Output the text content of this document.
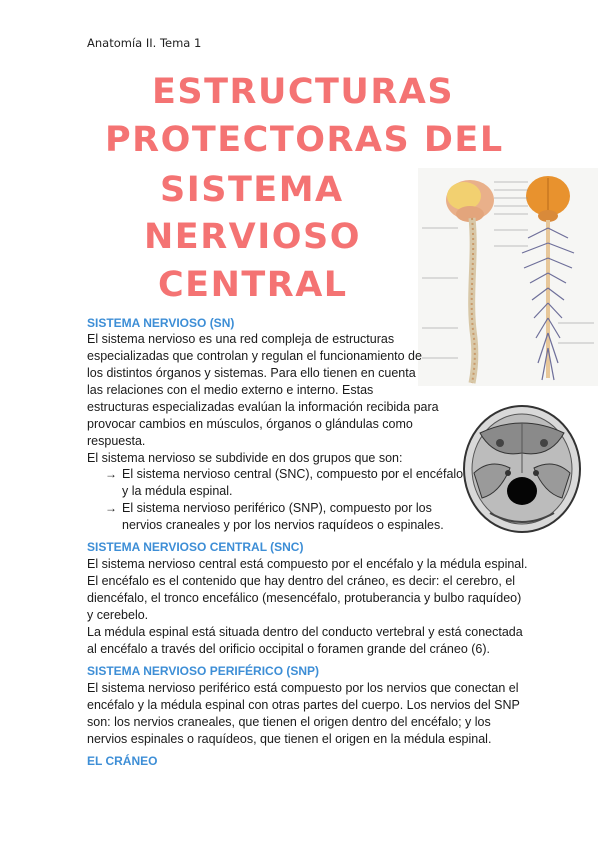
Anatomía II. Tema 1
ESTRUCTURAS
PROTECTORAS DEL
SISTEMA
NERVIOSO
CENTRAL
SISTEMA NERVIOSO (SN)
El sistema nervioso es una red compleja de estructuras
especializadas que controlan y regulan el funcionamiento de
los distintos órganos y sistemas. Para ello tienen en cuenta
las relaciones con el medio externo e interno. Estas
estructuras especializadas evalúan la información recibida para
provocar cambios en músculos, órganos o glándulas como
respuesta.
El sistema nervioso se subdivide en dos grupos que son:
→ El sistema nervioso central (SNC), compuesto por el encéfalo
y la médula espinal.
→ El sistema nervioso periférico (SNP), compuesto por los
nervios craneales y por los nervios raquídeos o espinales.
SISTEMA NERVIOSO CENTRAL (SNC)
El sistema nervioso central está compuesto por el encéfalo y la médula espinal.
El encéfalo es el contenido que hay dentro del cráneo, es decir: el cerebro, el
diencéfalo, el tronco encefálico (mesencéfalo, protuberancia y bulbo raquídeo)
y cerebelo.
La médula espinal está situada dentro del conducto vertebral y está conectada
al encéfalo a través del orificio occipital o foramen grande del cráneo (6).
SISTEMA NERVIOSO PERIFÉRICO (SNP)
El sistema nervioso periférico está compuesto por los nervios que conectan el
encéfalo y la médula espinal con otras partes del cuerpo. Los nervios del SNP
son: los nervios craneales, que tienen el origen dentro del encéfalo; y los
nervios espinales o raquídeos, que tienen el origen en la médula espinal.
EL CRÁNEO
